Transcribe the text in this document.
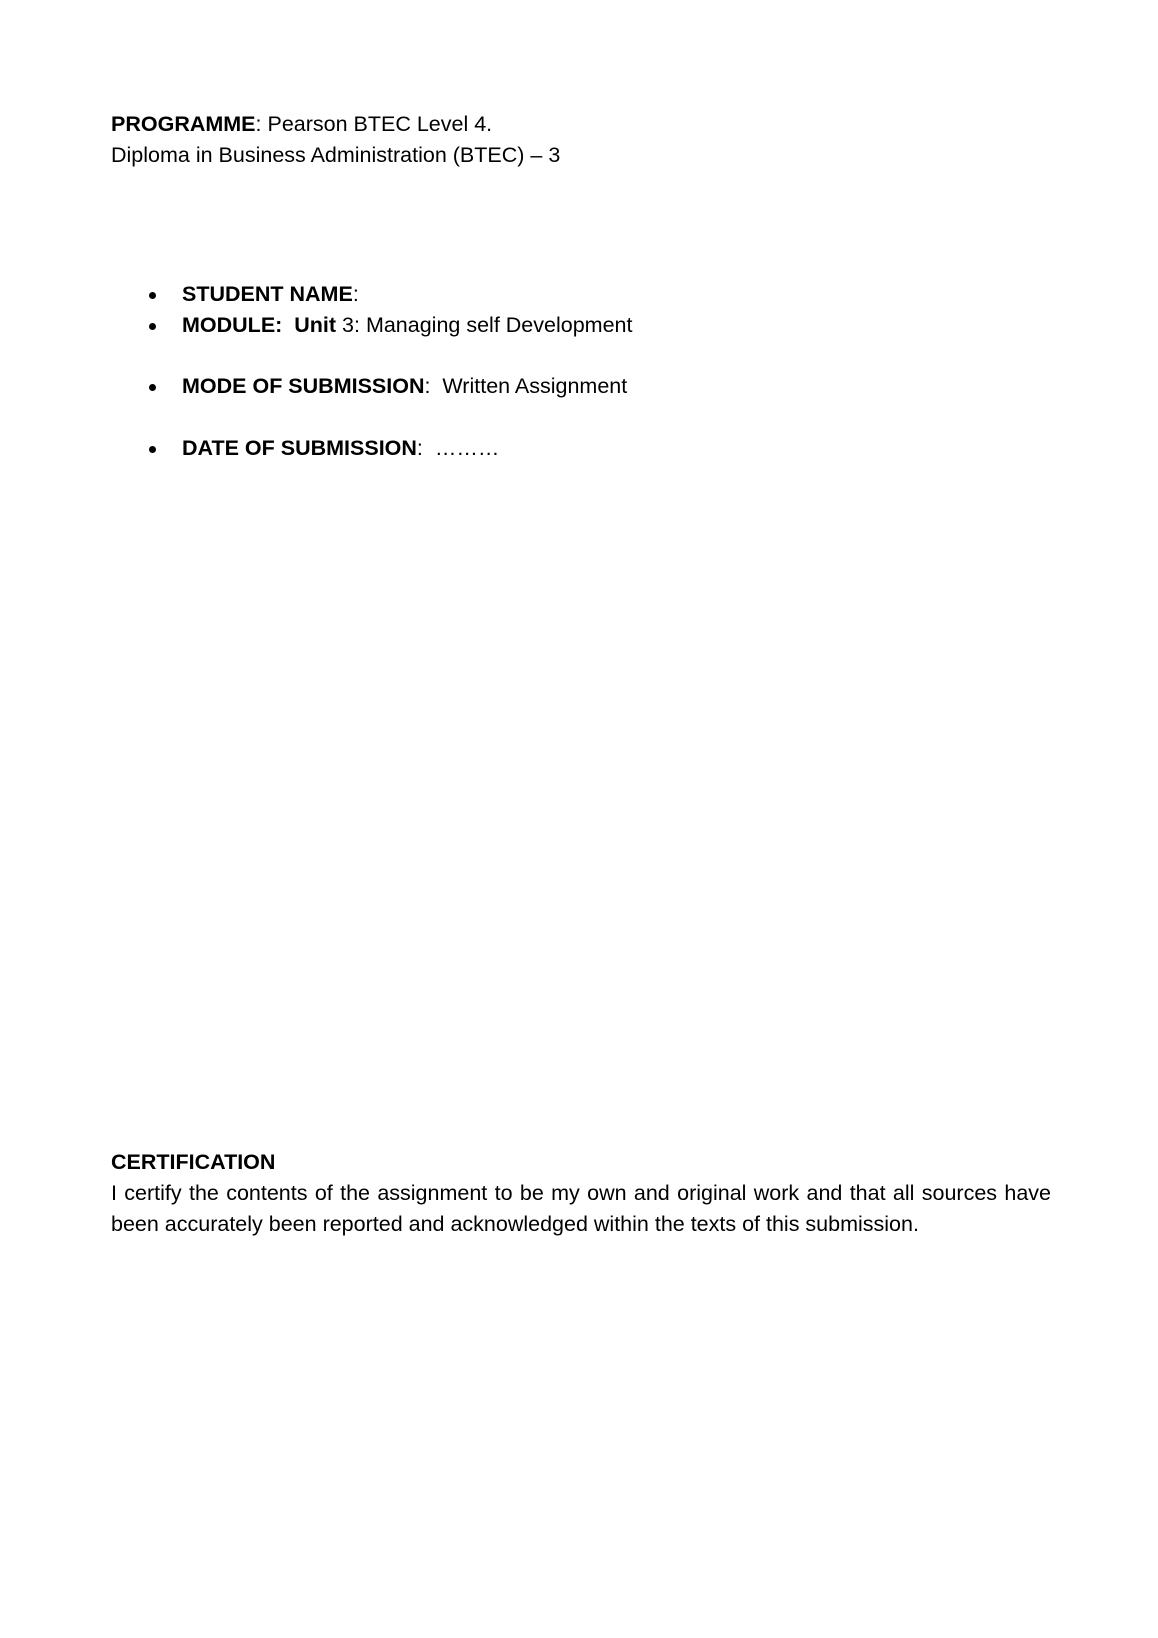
PROGRAMME: Pearson BTEC Level 4.
Diploma in Business Administration (BTEC) – 3
STUDENT NAME:
MODULE:  Unit 3: Managing self Development
MODE OF SUBMISSION:  Written Assignment
DATE OF SUBMISSION:  ………
CERTIFICATION
I certify the contents of the assignment to be my own and original work and that all sources have been accurately been reported and acknowledged within the texts of this submission.
